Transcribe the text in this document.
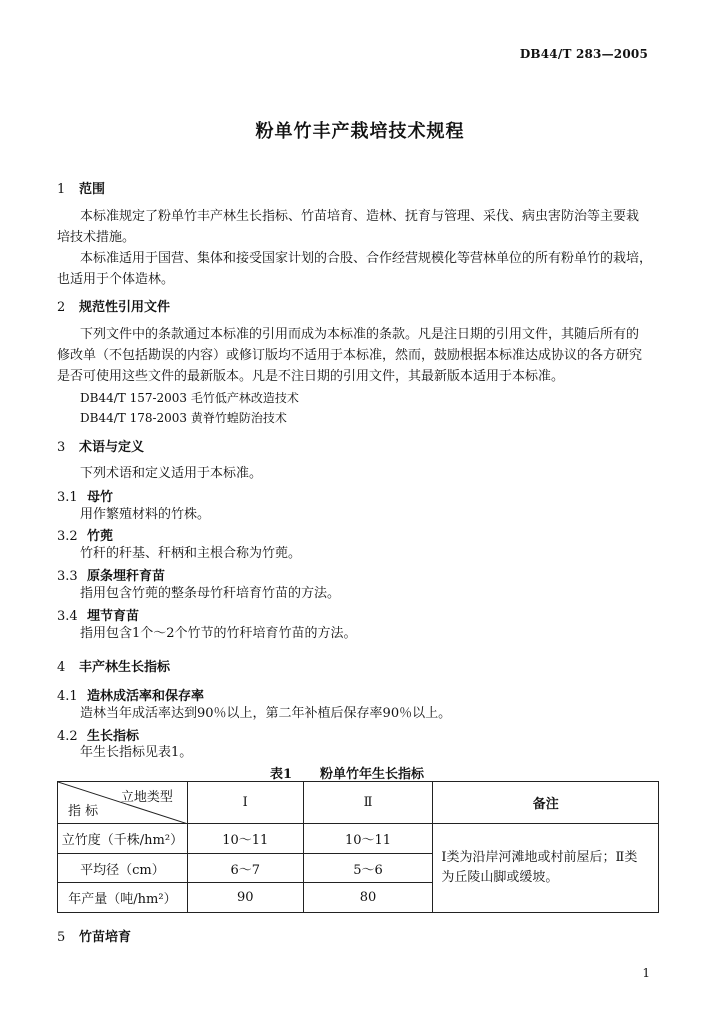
DB44/T 283—2005
粉单竹丰产栽培技术规程
1 范围
本标准规定了粉单竹丰产林生长指标、竹苗培育、造林、抚育与管理、采伐、病虫害防治等主要栽
培技术措施。
本标准适用于国营、集体和接受国家计划的合股、合作经营规模化等营林单位的所有粉单竹的栽培，
也适用于个体造林。
2 规范性引用文件
下列文件中的条款通过本标准的引用而成为本标准的条款。凡是注日期的引用文件，其随后所有的
修改单（不包括勘误的内容）或修订版均不适用于本标准，然而，鼓励根据本标准达成协议的各方研究
是否可使用这些文件的最新版本。凡是不注日期的引用文件，其最新版本适用于本标准。
DB44/T 157-2003 毛竹低产林改造技术
DB44/T 178-2003 黄脊竹蝗防治技术
3 术语与定义
下列术语和定义适用于本标准。
3.1 母竹
用作繁殖材料的竹株。
3.2 竹蔸
竹秆的秆基、秆柄和主根合称为竹蔸。
3.3 原条埋秆育苗
指用包含竹蔸的整条母竹秆培育竹苗的方法。
3.4 埋节育苗
指用包含1个～2个竹节的竹秆培育竹苗的方法。
4 丰产林生长指标
4.1 造林成活率和保存率
造林当年成活率达到90％以上，第二年补植后保存率90％以上。
4.2 生长指标
年生长指标见表1。
表1 粉单竹年生长指标
立地类型
指 标	Ⅰ	Ⅱ	备注
立竹度（千株/hm²）	10～11	10～11	Ⅰ类为沿岸河滩地或村前屋后；Ⅱ类为丘陵山脚或缓坡。
平均径（cm）	6～7	5～6	
年产量（吨/hm²）	90	80	
5 竹苗培育
1
